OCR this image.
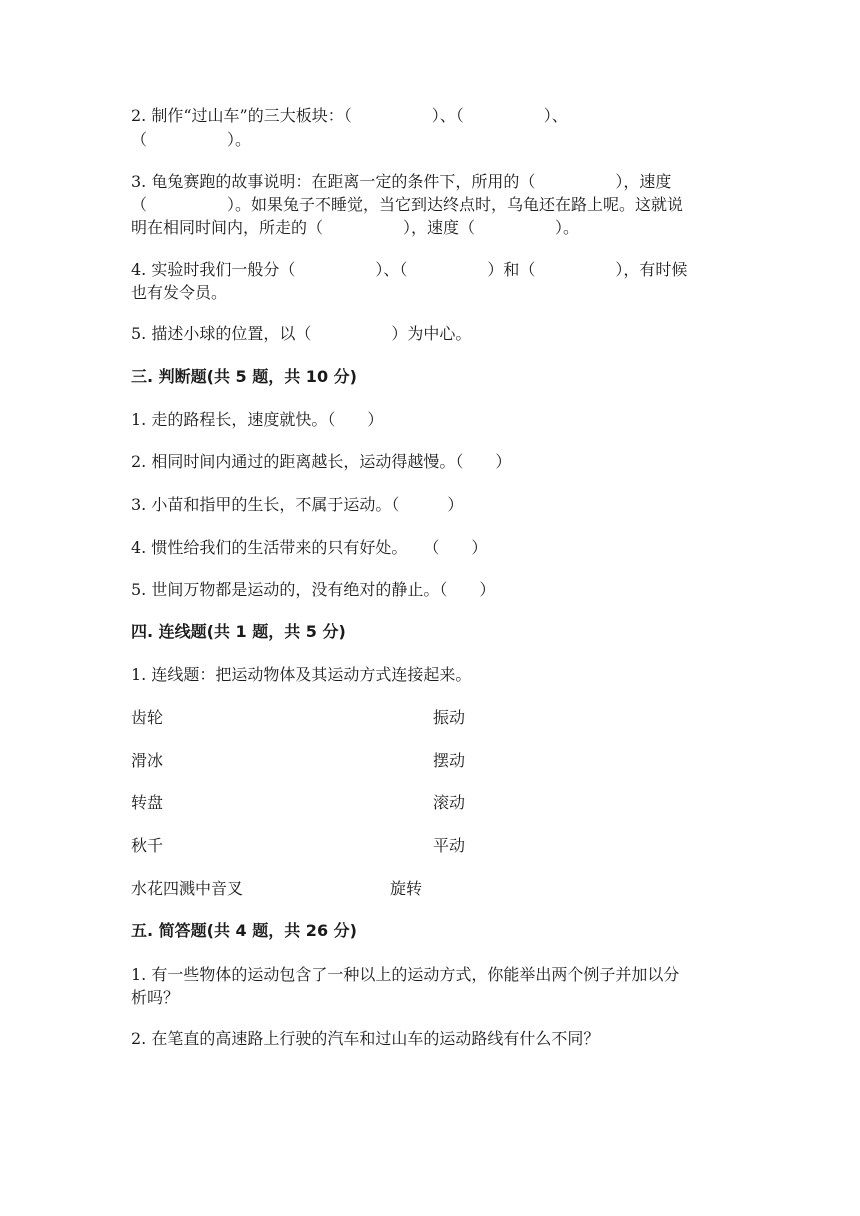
2. 制作“过山车”的三大板块：（　　　　　）、（　　　　　）、
（　　　　　）。
3. 龟兔赛跑的故事说明：在距离一定的条件下，所用的（　　　　　），速度
（　　　　　）。如果兔子不睡觉，当它到达终点时，乌龟还在路上呢。这就说
明在相同时间内，所走的（　　　　　），速度（　　　　　）。
4. 实验时我们一般分（　　　　　）、（　　　　　）和（　　　　　），有时候
也有发令员。
5. 描述小球的位置，以（　　　　　）为中心。
三. 判断题(共 5 题，共 10 分)
1. 走的路程长，速度就快。（　　）
2. 相同时间内通过的距离越长，运动得越慢。（　　）
3. 小苗和指甲的生长，不属于运动。（　　　）
4. 惯性给我们的生活带来的只有好处。　　（　　）
5. 世间万物都是运动的，没有绝对的静止。（　　）
四. 连线题(共 1 题，共 5 分)
1. 连线题：把运动物体及其运动方式连接起来。
齿轮	振动
滑冰	摆动
转盘	滚动
秋千	平动
水花四溅中音叉	旋转
五. 简答题(共 4 题，共 26 分)
1. 有一些物体的运动包含了一种以上的运动方式，你能举出两个例子并加以分
析吗？
2. 在笔直的高速路上行驶的汽车和过山车的运动路线有什么不同？
